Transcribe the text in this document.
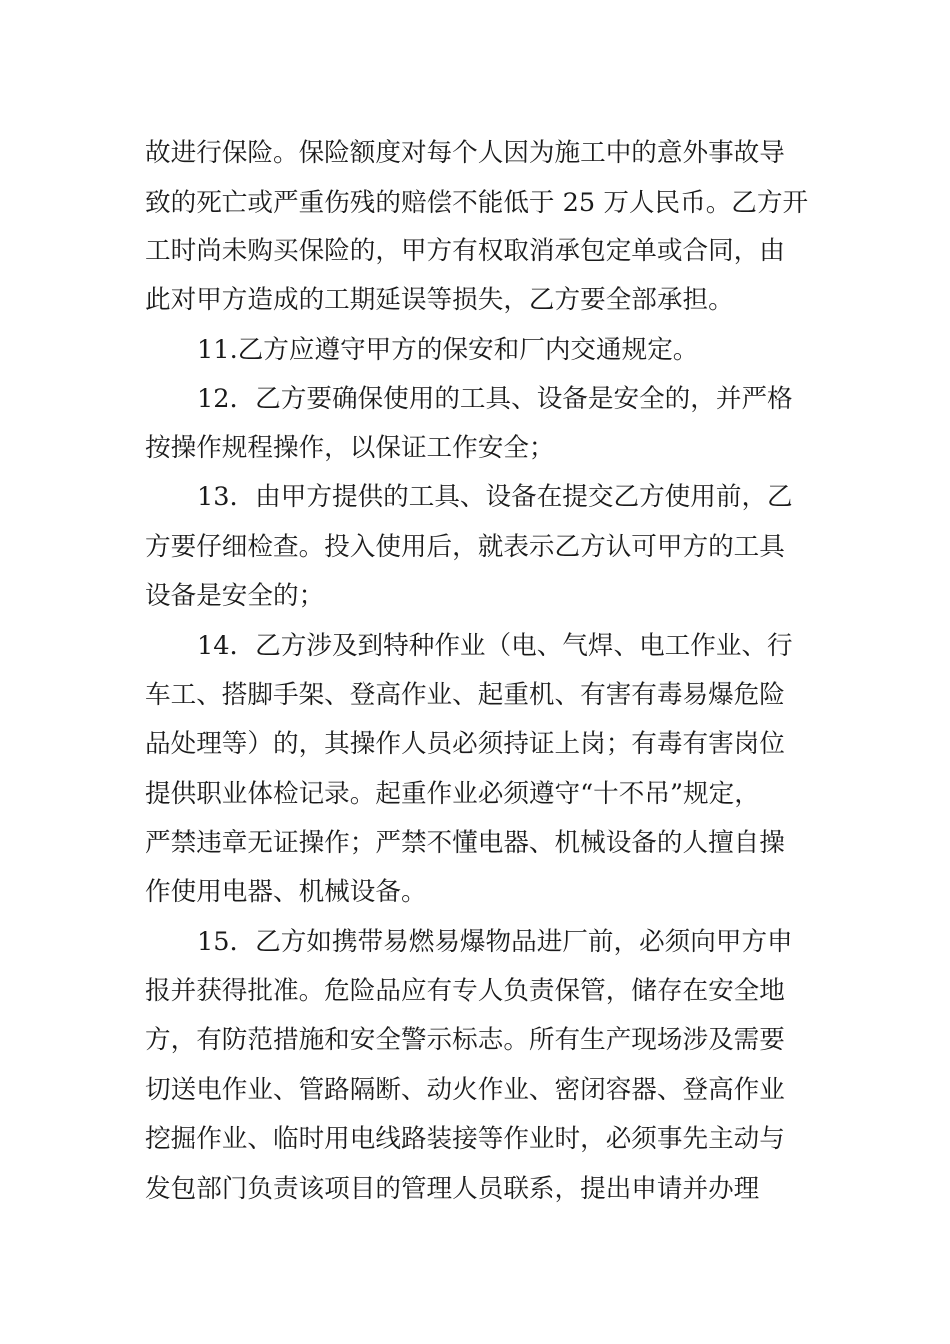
故进行保险。保险额度对每个人因为施工中的意外事故导
致的死亡或严重伤残的赔偿不能低于 25 万人民币。乙方开
工时尚未购买保险的，甲方有权取消承包定单或合同，由
此对甲方造成的工期延误等损失，乙方要全部承担。
11.乙方应遵守甲方的保安和厂内交通规定。
12．乙方要确保使用的工具、设备是安全的，并严格
按操作规程操作，以保证工作安全；
13．由甲方提供的工具、设备在提交乙方使用前，乙
方要仔细检查。投入使用后，就表示乙方认可甲方的工具
设备是安全的；
14．乙方涉及到特种作业（电、气焊、电工作业、行
车工、搭脚手架、登高作业、起重机、有害有毒易爆危险
品处理等）的，其操作人员必须持证上岗；有毒有害岗位
提供职业体检记录。起重作业必须遵守“十不吊”规定，
严禁违章无证操作；严禁不懂电器、机械设备的人擅自操
作使用电器、机械设备。
15．乙方如携带易燃易爆物品进厂前，必须向甲方申
报并获得批准。危险品应有专人负责保管，储存在安全地
方，有防范措施和安全警示标志。所有生产现场涉及需要
切送电作业、管路隔断、动火作业、密闭容器、登高作业
挖掘作业、临时用电线路装接等作业时，必须事先主动与
发包部门负责该项目的管理人员联系，提出申请并办理
